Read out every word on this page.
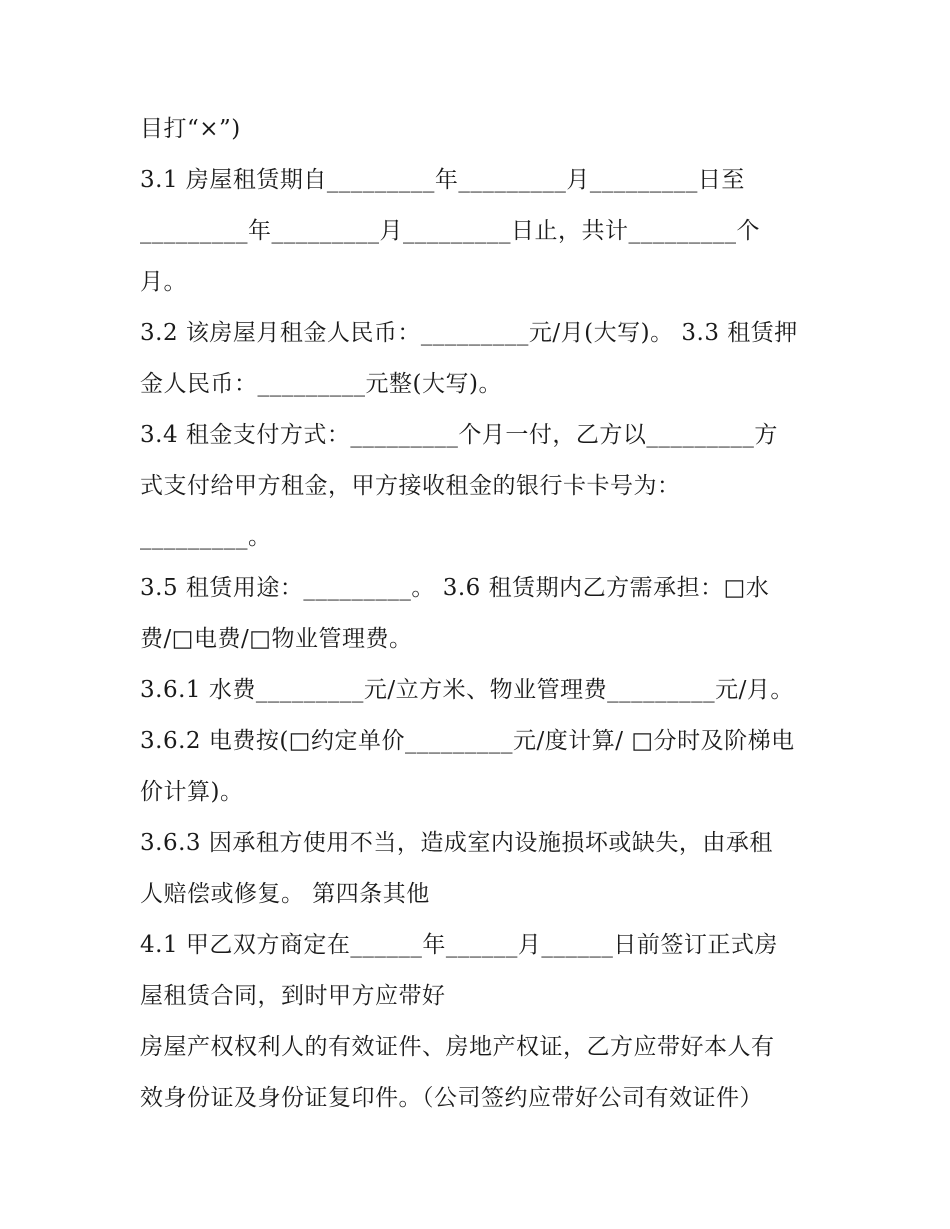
目打“×”)
3.1 房屋租赁期自_________年_________月_________日至
_________年_________月_________日止，共计_________个
月。
3.2 该房屋月租金人民币：_________元/月(大写)。 3.3 租赁押
金人民币：_________元整(大写)。
3.4 租金支付方式：_________个月一付，乙方以_________方
式支付给甲方租金，甲方接收租金的银行卡卡号为：
_________。
3.5 租赁用途：_________。 3.6 租赁期内乙方需承担：□水
费/□电费/□物业管理费。
3.6.1 水费_________元/立方米、物业管理费_________元/月。
3.6.2 电费按(□约定单价_________元/度计算/ □分时及阶梯电
价计算)。
3.6.3 因承租方使用不当，造成室内设施损坏或缺失，由承租
人赔偿或修复。 第四条其他
4.1 甲乙双方商定在______年______月______日前签订正式房
屋租赁合同，到时甲方应带好
房屋产权权利人的有效证件、房地产权证，乙方应带好本人有
效身份证及身份证复印件。（公司签约应带好公司有效证件）
